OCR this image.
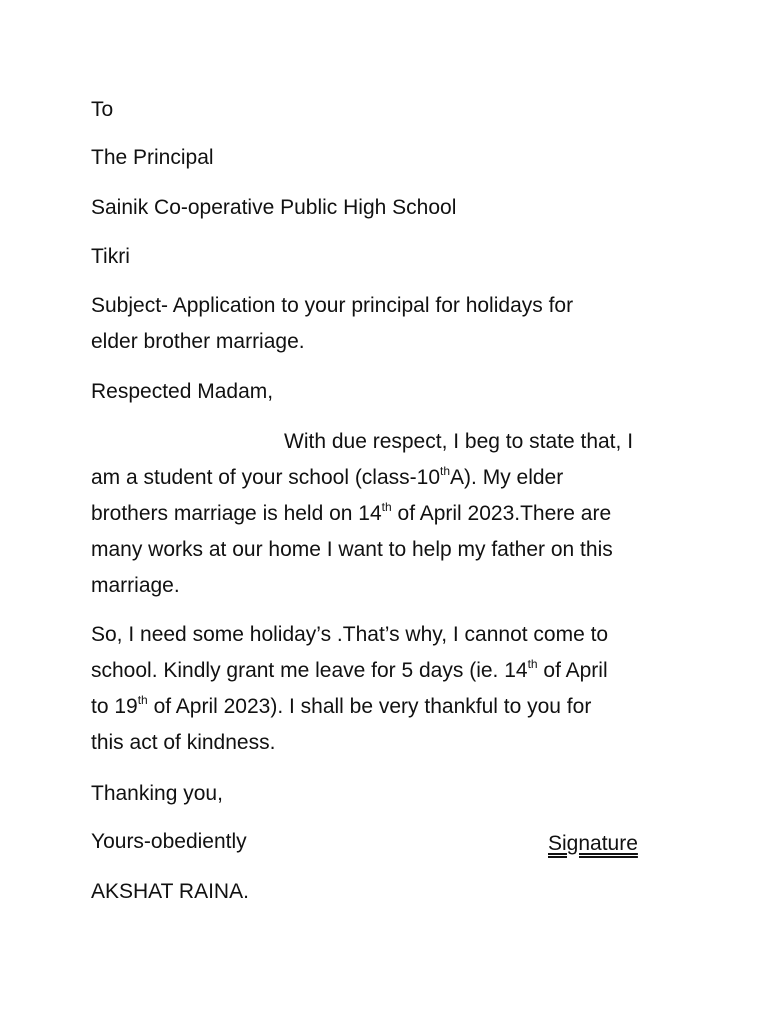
To
The Principal
Sainik Co-operative Public High School
Tikri

Subject- Application to your principal for holidays for

elder brother marriage.

Respected Madam,

With due respect, I beg to state that, I

am a student of your school (class-10thA). My elder

brothers marriage is held on 14th of April 2023.There are

many works at our home I want to help my father on this

marriage.

So, I need some holiday’s .That’s why, I cannot come to

school. Kindly grant me leave for 5 days (ie. 14th of April

to 19th of April 2023). I shall be very thankful to you for

this act of kindness.

Thanking you,
Yours-obediently	Signature
AKSHAT RAINA.
